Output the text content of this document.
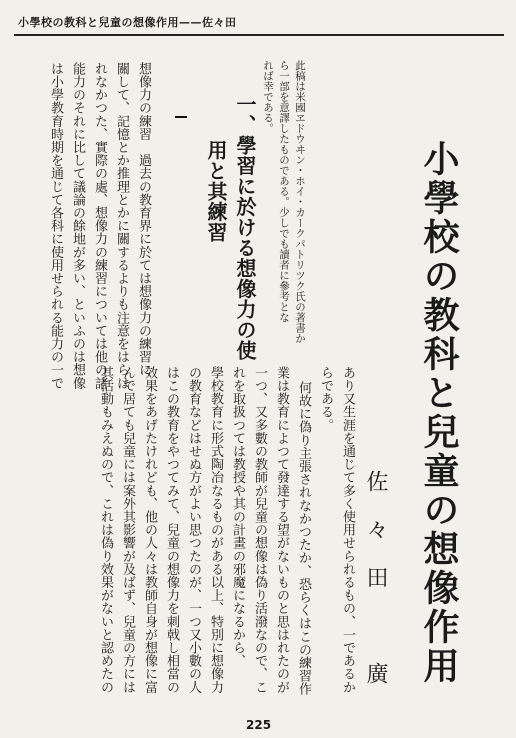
小學校の教科と兒童の想像作用——佐々田
小學校の教科と兒童の想像作用
佐々田　廣
此稿は米國ヱドウヰン・ホイ・カークパトリツク氏の著書か
ら一部を意譯したものである。少しでも讀者に參考とな
れば幸である。
あり又生涯を通じて多く使用せられるもの、一であるか
らである。
何故に偽り主張されなかつたか、恐らくはこの練習作
業は教育によつて發達する望がないものと思はれたのが
一つ、又多數の教師が兒童の想像は偽り活潑なので、こ
れを取扱つては教授や其の計畫の邪魔になるから、
學校教育に形式陶冶なるものがある以上、特別に想像力
の教育などはせぬ方がよい思つたのが、一つ又小數の人
はこの教育をやつてみて、兒童の想像力を刺戟し相當の
效果をあげたけれども、他の人々は教師自身が想像に富
んで居ても兒童には案外其影響が及ばず、兒童の方には
其活動もみえぬので、これは偽り效果がないと認めたの
一、學習に於ける想像力の使
用と其練習
想像力の練習　過去の教育界に於ては想像力の練習に
關して、記憶とか推理とかに關するよりも注意をはらは
れなかつた、實際の處、想像力の練習については他の諸
能力のそれに比して議論の餘地が多い、といふのは想像
は小學教育時期を通じて各科に使用せられる能力の一で
225
